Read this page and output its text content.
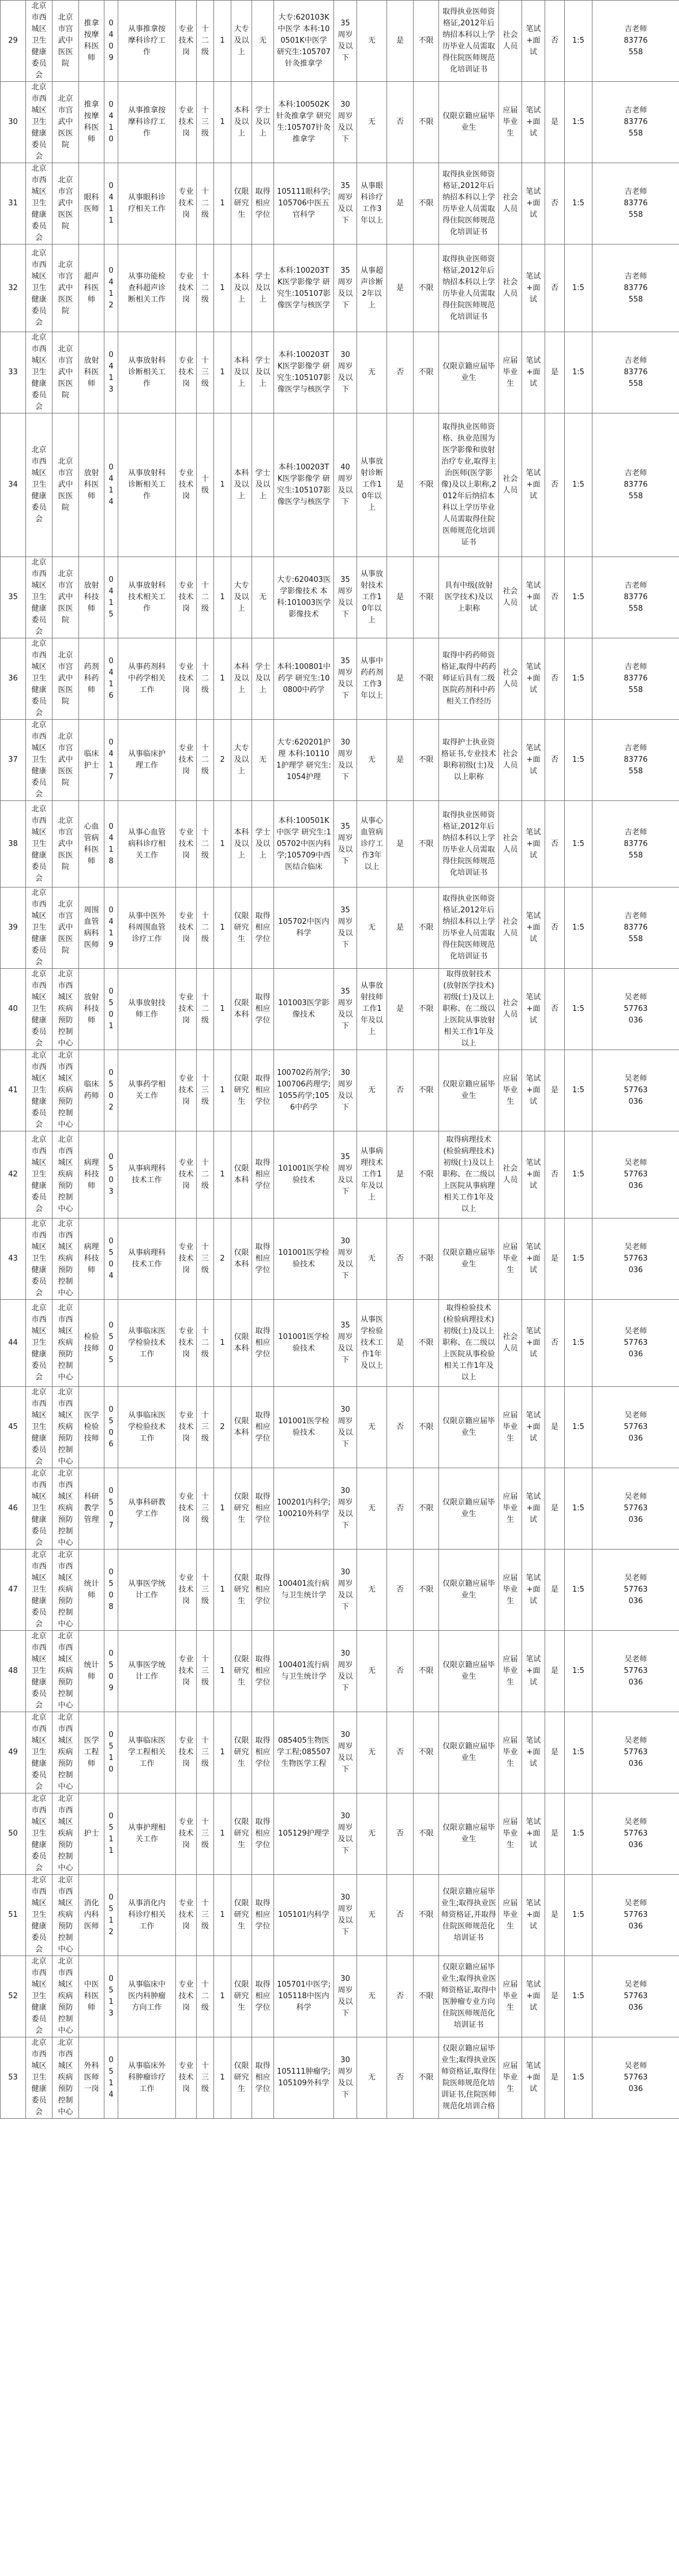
29	北京市西城区卫生健康委员会	北京市宫武中医医院	推拿按摩科医师	0409	从事推拿按摩科诊疗工作	专业技术岗	十二级	1	大专及以上	无	大专:620103K中医学 本科:100501K中医学 研究生:105707针灸推拿学	35周岁及以下	无	是	不限	取得执业医师资格证,2012年后纳招本科以上学历毕业人员需取得住院医师规范化培训证书	社会人员	笔试+面试	否	1:5	吉老师83776558

30	北京市西城区卫生健康委员会	北京市宫武中医医院	推拿按摩科医师	0410	从事推拿按摩科诊疗工作	专业技术岗	十三级	1	本科及以上	学士及以上	本科:100502K针灸推拿学 研究生:105707针灸推拿学	30周岁及以下	无	否	不限	仅限京籍应届毕业生	应届毕业生	笔试+面试	是	1:5	吉老师83776558

31	北京市西城区卫生健康委员会	北京市宫武中医医院	眼科医师	0411	从事眼科诊疗相关工作	专业技术岗	十二级	1	仅限研究生	取得相应学位	105111眼科学;105706中医五官科学	35周岁及以下	从事眼科诊疗工作3年以上	是	不限	取得执业医师资格证,2012年后纳招本科以上学历毕业人员需取得住院医师规范化培训证书	社会人员	笔试+面试	否	1:5	吉老师83776558

32	北京市西城区卫生健康委员会	北京市宫武中医医院	超声科医师	0412	从事功能检查科超声诊断相关工作	专业技术岗	十二级	1	本科及以上	学士及以上	本科:100203TK医学影像学 研究生:105107影像医学与核医学	35周岁及以下	从事超声诊断2年以上	是	不限	取得执业医师资格证,2012年后纳招本科以上学历毕业人员需取得住院医师规范化培训证书	社会人员	笔试+面试	否	1:5	吉老师83776558

33	北京市西城区卫生健康委员会	北京市宫武中医医院	放射科医师	0413	从事放射科诊断相关工作	专业技术岗	十三级	1	本科及以上	学士及以上	本科:100203TK医学影像学 研究生:105107影像医学与核医学	30周岁及以下	无	否	不限	仅限京籍应届毕业生	应届毕业生	笔试+面试	是	1:5	吉老师83776558

34	北京市西城区卫生健康委员会	北京市宫武中医医院	放射科医师	0414	从事放射科诊断相关工作	专业技术岗	十级	1	本科及以上	学士及以上	本科:100203TK医学影像学 研究生:105107影像医学与核医学	40周岁及以下	从事放射诊断工作10年以上	是	不限	取得执业医师资格、执业范围为医学影像和放射治疗专业,取得主治医师(医学影像)及以上职称,2012年后纳招本科以上学历毕业人员需取得住院医师规范化培训证书	社会人员	笔试+面试	否	1:5	吉老师83776558

35	北京市西城区卫生健康委员会	北京市宫武中医医院	放射科技师	0415	从事放射科技术相关工作	专业技术岗	十二级	1	大专及以上	无	大专:620403医学影像技术 本科:101003医学影像技术	35周岁及以下	从事放射技术工作10年以上	是	不限	具有中级(放射医学技术)及以上职称	社会人员	笔试+面试	否	1:5	吉老师83776558

36	北京市西城区卫生健康委员会	北京市宫武中医医院	药剂科药师	0416	从事药剂科中药学相关工作	专业技术岗	十二级	1	本科及以上	学士及以上	本科:100801中药学 研究生:100800中药学	35周岁及以下	从事中药药剂工作3年以上	是	不限	取得中药药师资格证,取得中药药师证后具有二级医院药剂科中药相关工作经历	社会人员	笔试+面试	否	1:5	吉老师83776558

37	北京市西城区卫生健康委员会	北京市宫武中医医院	临床护士	0417	从事临床护理工作	专业技术岗	十二级	2	大专及以上	无	大专:620201护理 本科:101101护理学 研究生:1054护理	30周岁及以下	无	是	不限	取得护士执业资格证书,专业技术职称初级(士)及以上职称	社会人员	笔试+面试	否	1:5	吉老师83776558

38	北京市西城区卫生健康委员会	北京市宫武中医医院	心血管病科医师	0418	从事心血管病科诊疗相关工作	专业技术岗	十二级	1	本科及以上	学士及以上	本科:100501K中医学 研究生:105702中医内科学;105709中西医结合临床	35周岁及以下	从事心血管病诊疗工作3年以上	是	不限	取得执业医师资格证,2012年后纳招本科以上学历毕业人员需取得住院医师规范化培训证书	社会人员	笔试+面试	否	1:5	吉老师83776558

39	北京市西城区卫生健康委员会	北京市宫武中医医院	周围血管病科医师	0419	从事中医外科周围血管诊疗工作	专业技术岗	十二级	1	仅限研究生	取得相应学位	105702中医内科学	35周岁及以下	无	是	不限	取得执业医师资格证,2012年后纳招本科以上学历毕业人员需取得住院医师规范化培训证书	社会人员	笔试+面试	否	1:5	吉老师83776558

40	北京市西城区卫生健康委员会	北京市西城区疾病预防控制中心	放射科技师	0501	从事放射技师工作	专业技术岗	十二级	1	仅限本科	取得相应学位	101003医学影像技术	35周岁及以下	从事放射技师工作1年及以上	是	不限	取得放射技术(放射医学技术)初级(士)及以上职称、在二级以上医院从事放射相关工作1年及以上	社会人员	笔试+面试	否	1:5	吴老师57763036

41	北京市西城区卫生健康委员会	北京市西城区疾病预防控制中心	临床药师	0502	从事药学相关工作	专业技术岗	十三级	1	仅限研究生	取得相应学位	100702药剂学;100706药理学;1055药学;1056中药学	30周岁及以下	无	否	不限	仅限京籍应届毕业生	应届毕业生	笔试+面试	是	1:5	吴老师57763036

42	北京市西城区卫生健康委员会	北京市西城区疾病预防控制中心	病理科技师	0503	从事病理科技术工作	专业技术岗	十二级	1	仅限本科	取得相应学位	101001医学检验技术	35周岁及以下	从事病理技术工作1年及以上	是	不限	取得病理技术(检验病理技术)初级(士)及以上职称、在二级以上医院从事病理相关工作1年及以上	社会人员	笔试+面试	否	1:5	吴老师57763036

43	北京市西城区卫生健康委员会	北京市西城区疾病预防控制中心	病理科技师	0504	从事病理科技术工作	专业技术岗	十三级	2	仅限本科	取得相应学位	101001医学检验技术	30周岁及以下	无	否	不限	仅限京籍应届毕业生	应届毕业生	笔试+面试	是	1:5	吴老师57763036

44	北京市西城区卫生健康委员会	北京市西城区疾病预防控制中心	检验技师	0505	从事临床医学检验技术工作	专业技术岗	十二级	1	仅限本科	取得相应学位	101001医学检验技术	35周岁及以下	从事医学检验技术工作1年及以上	是	不限	取得检验技术(检验病理技术)初级(士)及以上职称、在二级以上医院从事检验相关工作1年及以上	社会人员	笔试+面试	否	1:5	吴老师57763036

45	北京市西城区卫生健康委员会	北京市西城区疾病预防控制中心	医学检验技师	0506	从事临床医学检验技术工作	专业技术岗	十三级	2	仅限本科	取得相应学位	101001医学检验技术	30周岁及以下	无	否	不限	仅限京籍应届毕业生	应届毕业生	笔试+面试	是	1:5	吴老师57763036

46	北京市西城区卫生健康委员会	北京市西城区疾病预防控制中心	科研教学管理	0507	从事科研教学工作	专业技术岗	十三级	1	仅限研究生	取得相应学位	100201内科学;100210外科学	30周岁及以下	无	否	不限	仅限京籍应届毕业生	应届毕业生	笔试+面试	是	1:5	吴老师57763036

47	北京市西城区卫生健康委员会	北京市西城区疾病预防控制中心	统计师	0508	从事医学统计工作	专业技术岗	十三级	1	仅限研究生	取得相应学位	100401流行病与卫生统计学	30周岁及以下	无	否	不限	仅限京籍应届毕业生	应届毕业生	笔试+面试	是	1:5	吴老师57763036

48	北京市西城区卫生健康委员会	北京市西城区疾病预防控制中心	统计师	0509	从事医学统计工作	专业技术岗	十三级	1	仅限研究生	取得相应学位	100401流行病与卫生统计学	30周岁及以下	无	否	不限	仅限京籍应届毕业生	应届毕业生	笔试+面试	是	1:5	吴老师57763036

49	北京市西城区卫生健康委员会	北京市西城区疾病预防控制中心	医学工程师	0510	从事临床医学工程相关工作	专业技术岗	十三级	1	仅限研究生	取得相应学位	085405生物医学工程;085507生物医学工程	30周岁及以下	无	否	不限	仅限京籍应届毕业生	应届毕业生	笔试+面试	是	1:5	吴老师57763036

50	北京市西城区卫生健康委员会	北京市西城区疾病预防控制中心	护士	0511	从事护理相关工作	专业技术岗	十三级	1	仅限研究生	取得相应学位	105129护理学	30周岁及以下	无	否	不限	仅限京籍应届毕业生	应届毕业生	笔试+面试	是	1:5	吴老师57763036

51	北京市西城区卫生健康委员会	北京市西城区疾病预防控制中心	消化内科医师	0512	从事消化内科诊疗相关工作	专业技术岗	十三级	1	仅限研究生	取得相应学位	105101内科学	30周岁及以下	无	否	不限	仅限京籍应届毕业生;取得执业医师资格证,并取得住院医师规范化培训证书	应届毕业生	笔试+面试	是	1:5	吴老师57763036

52	北京市西城区卫生健康委员会	北京市西城区疾病预防控制中心	中医科医师	0513	从事临床中医内科肿瘤方向工作	专业技术岗	十二级	1	仅限研究生	取得相应学位	105701中医学;105118中医内科学	30周岁及以下	无	否	不限	仅限京籍应届毕业生;取得执业医师资格证,取得中医肿瘤专业方向住院医师规范化培训证书	应届毕业生	笔试+面试	是	1:5	吴老师57763036

53	北京市西城区卫生健康委员会	北京市西城区疾病预防控制中心	外科医师一岗	0514	从事临床外科肿瘤诊疗工作	专业技术岗	十三级	1	仅限研究生	取得相应学位	105111肿瘤学;105109外科学	30周岁及以下	无	否	不限	仅限京籍应届毕业生;取得执业医师资格证,取得住院医师规范化培训证书,住院医师规范化培训合格	应届毕业生	笔试+面试	是	1:5	吴老师57763036
